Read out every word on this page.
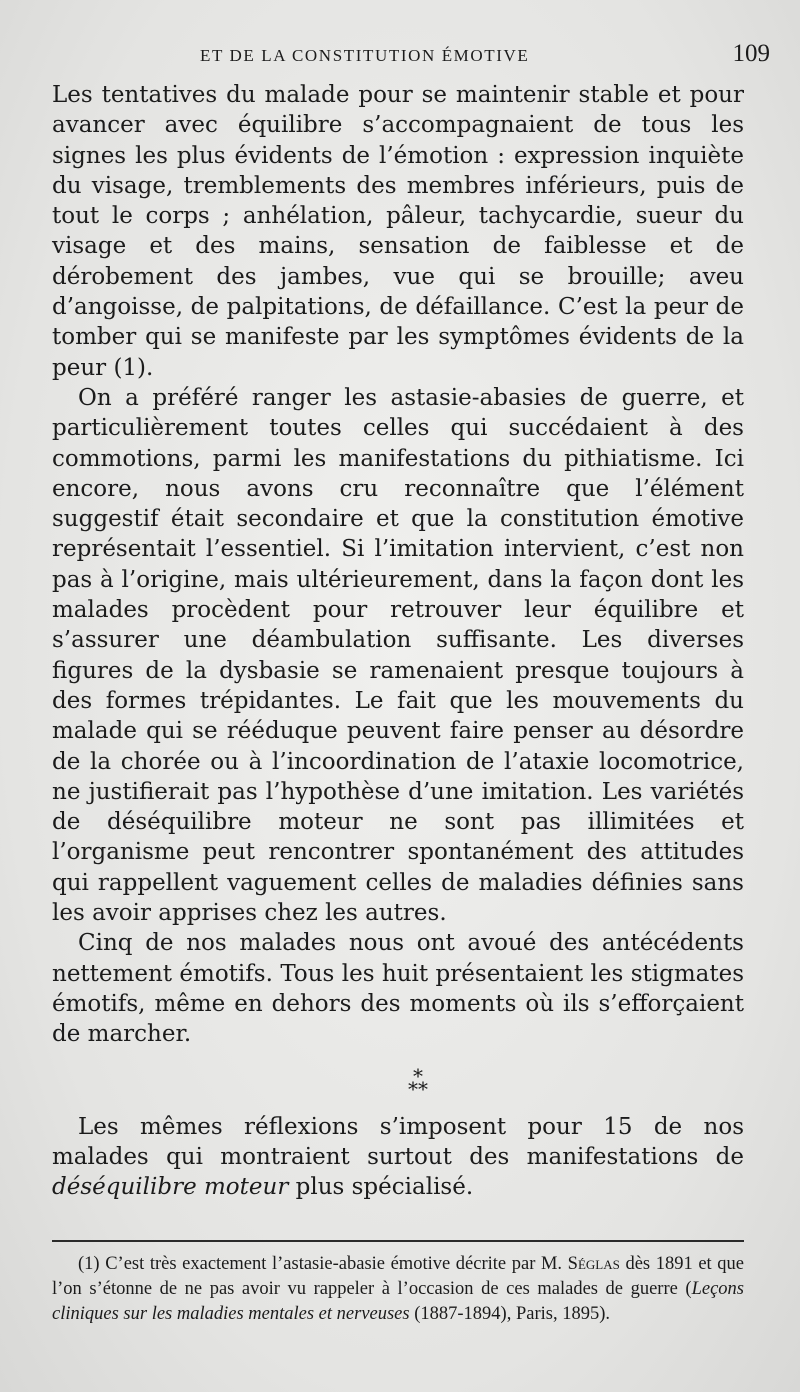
ET DE LA CONSTITUTION ÉMOTIVE	109

Les tentatives du malade pour se maintenir stable et pour avancer avec équilibre s’accompagnaient de tous les signes les plus évidents de l’émotion : expression inquiète du visage, tremblements des membres inférieurs, puis de tout le corps ; anhélation, pâleur, tachycardie, sueur du visage et des mains, sensation de faiblesse et de dérobement des jambes, vue qui se brouille; aveu d’angoisse, de palpitations, de défaillance. C’est la peur de tomber qui se manifeste par les symptômes évidents de la peur (1).

On a préféré ranger les astasie-abasies de guerre, et particulièrement toutes celles qui succédaient à des commotions, parmi les manifestations du pithiatisme. Ici encore, nous avons cru reconnaître que l’élément suggestif était secondaire et que la constitution émotive représentait l’essentiel. Si l’imitation intervient, c’est non pas à l’origine, mais ultérieurement, dans la façon dont les malades procèdent pour retrouver leur équilibre et s’assurer une déambulation suffisante. Les diverses figures de la dysbasie se ramenaient presque toujours à des formes trépidantes. Le fait que les mouvements du malade qui se rééduque peuvent faire penser au désordre de la chorée ou à l’incoordination de l’ataxie locomotrice, ne justifierait pas l’hypothèse d’une imitation. Les variétés de déséquilibre moteur ne sont pas illimitées et l’organisme peut rencontrer spontanément des attitudes qui rappellent vaguement celles de maladies définies sans les avoir apprises chez les autres.

Cinq de nos malades nous ont avoué des antécédents nettement émotifs. Tous les huit présentaient les stigmates émotifs, même en dehors des moments où ils s’efforçaient de marcher.

*
**

Les mêmes réflexions s’imposent pour 15 de nos malades qui montraient surtout des manifestations de déséquilibre moteur plus spécialisé.

(1) C’est très exactement l’astasie-abasie émotive décrite par M. Séglas dès 1891 et que l’on s’étonne de ne pas avoir vu rappeler à l’occasion de ces malades de guerre (Leçons cliniques sur les maladies mentales et nerveuses (1887-1894), Paris, 1895).
